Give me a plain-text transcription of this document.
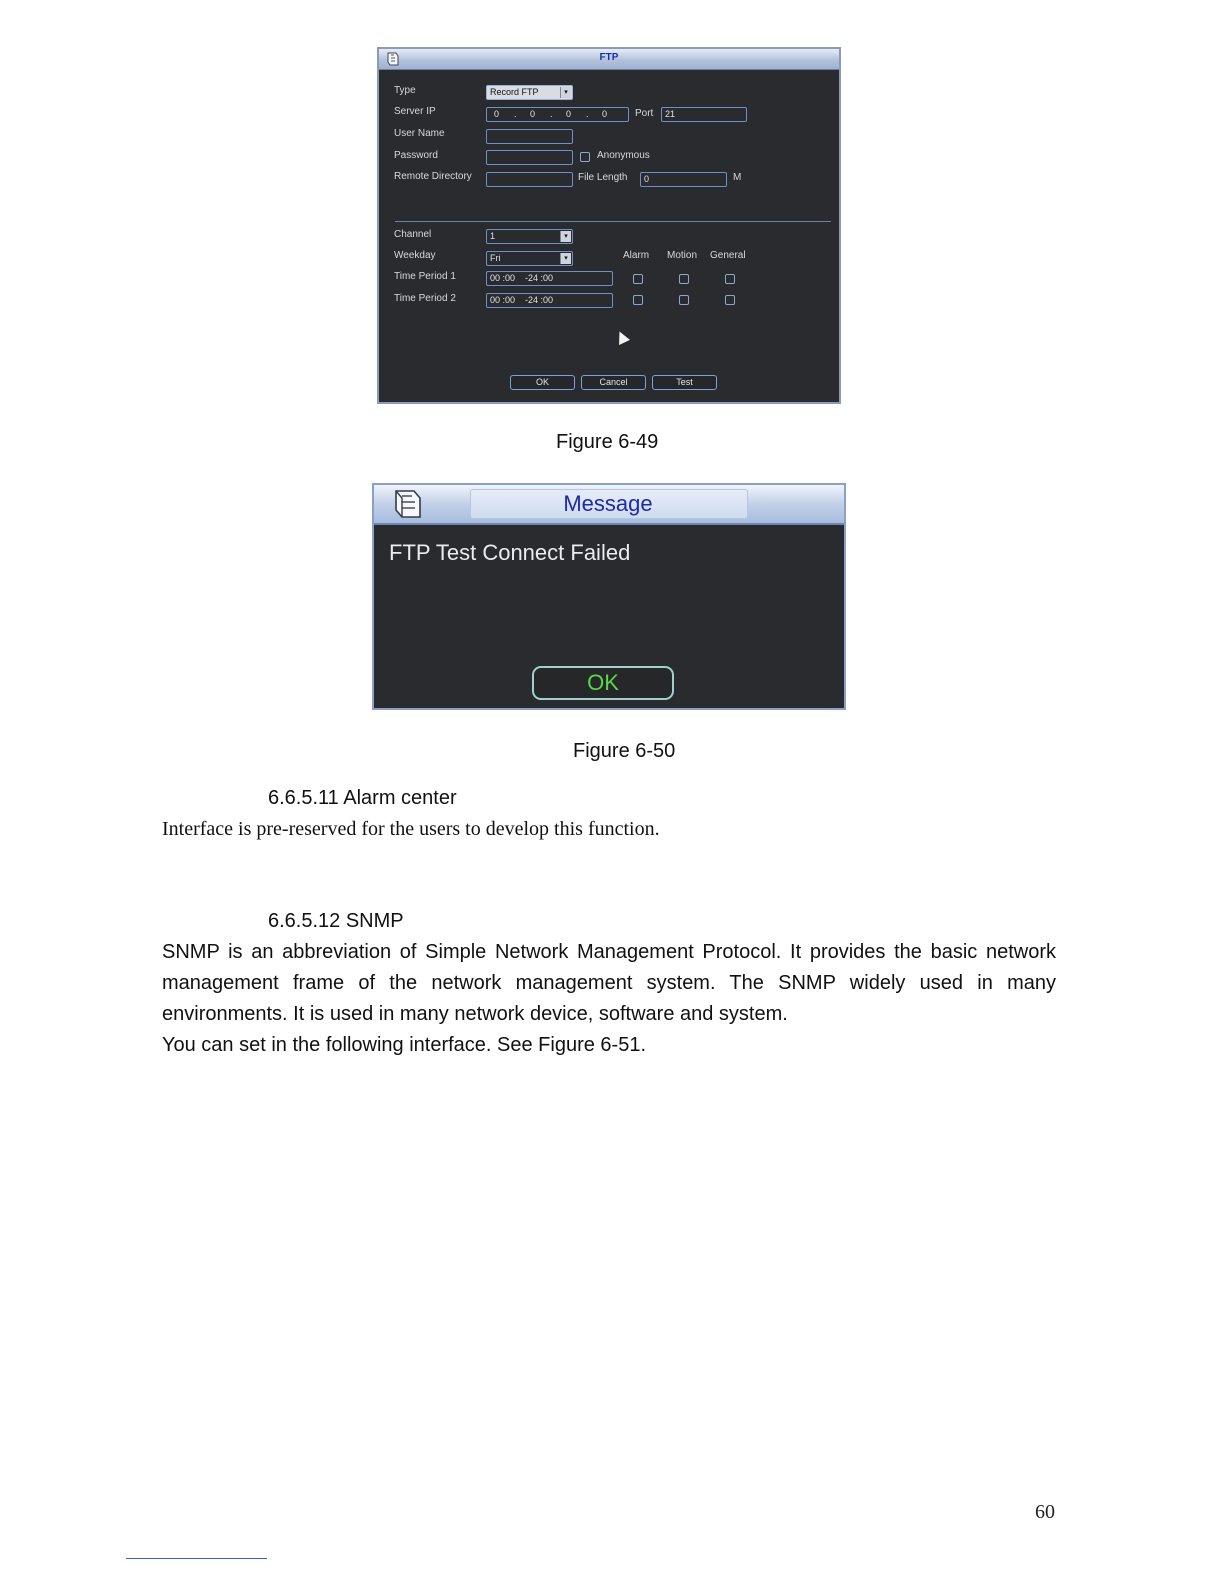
FTP
Type	Record FTP	▾
Server IP	0 . 0 . 0 . 0	Port	21
User Name
Password	Anonymous
Remote Directory	File Length	0	M
Channel	1	▾
Weekday	Fri	▾	Alarm Motion General
Time Period 1	00 :00    -24 :00
Time Period 2	00 :00    -24 :00
OK	Cancel	Test
Figure 6-49
Message
FTP Test Connect Failed
OK
Figure 6-50
6.6.5.11 Alarm center
Interface is pre-reserved for the users to develop this function.
6.6.5.12 SNMP

SNMP is an abbreviation of Simple Network Management Protocol. It provides the basic network

management frame of the network management system. The SNMP widely used in many

environments. It is used in many network device, software and system.

You can set in the following interface. See Figure 6-51.

60
